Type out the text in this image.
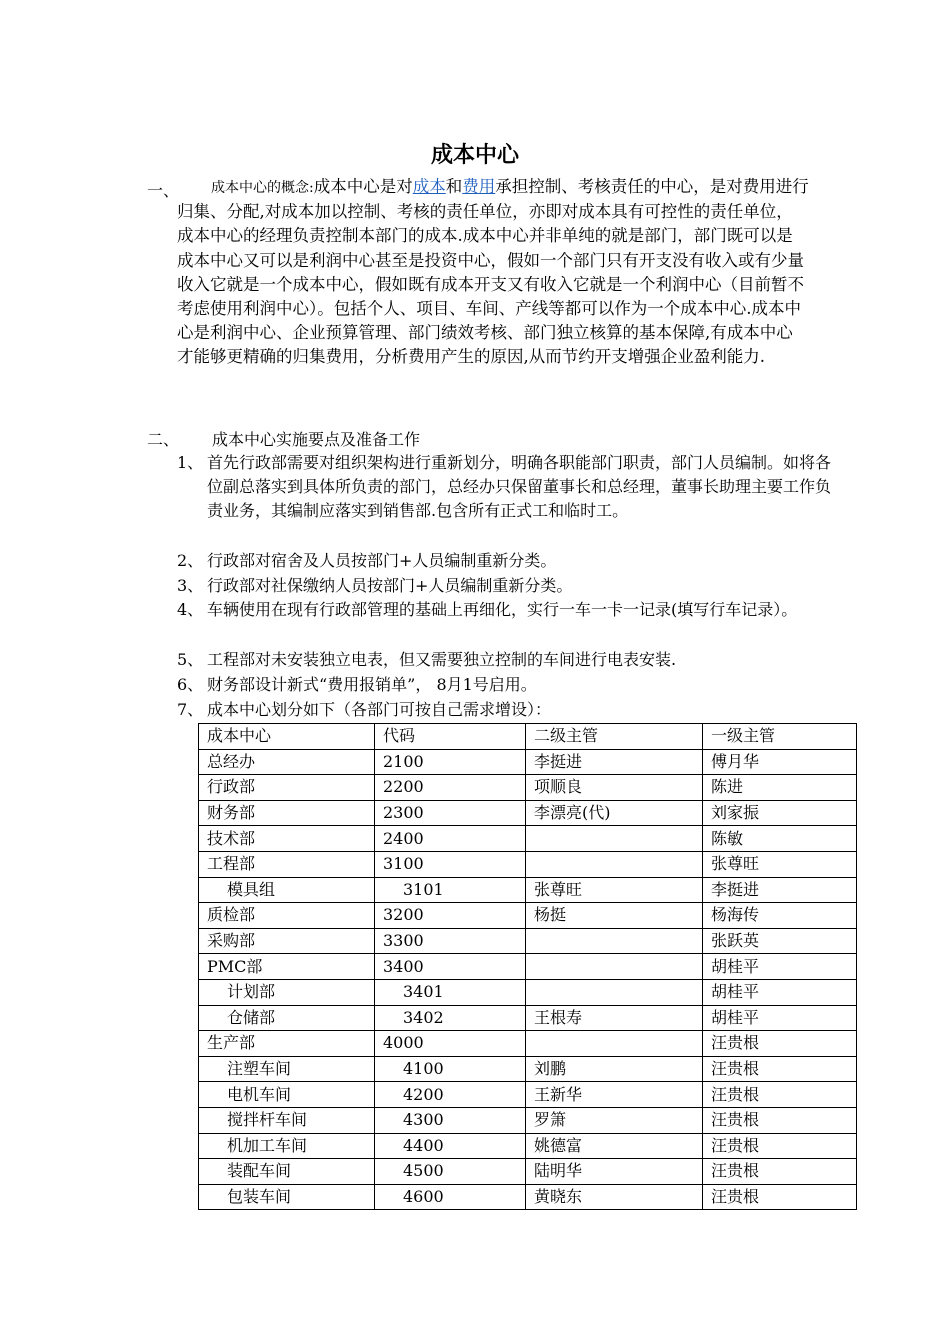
成本中心
一、	成本中心的概念:成本中心是对成本和费用承担控制、考核责任的中心，是对费用进行归集、分配,对成本加以控制、考核的责任单位，亦即对成本具有可控性的责任单位，成本中心的经理负责控制本部门的成本.成本中心并非单纯的就是部门，部门既可以是成本中心又可以是利润中心甚至是投资中心，假如一个部门只有开支没有收入或有少量收入它就是一个成本中心，假如既有成本开支又有收入它就是一个利润中心（目前暂不考虑使用利润中心）。包括个人、项目、车间、产线等都可以作为一个成本中心.成本中心是利润中心、企业预算管理、部门绩效考核、部门独立核算的基本保障,有成本中心才能够更精确的归集费用，分析费用产生的原因,从而节约开支增强企业盈利能力.
二、 成本中心实施要点及准备工作
1、 首先行政部需要对组织架构进行重新划分，明确各职能部门职责，部门人员编制。如将各位副总落实到具体所负责的部门，总经办只保留董事长和总经理，董事长助理主要工作负责业务，其编制应落实到销售部.包含所有正式工和临时工。
2、 行政部对宿舍及人员按部门+人员编制重新分类。
3、 行政部对社保缴纳人员按部门+人员编制重新分类。
4、 车辆使用在现有行政部管理的基础上再细化，实行一车一卡一记录(填写行车记录）。
5、 工程部对未安装独立电表，但又需要独立控制的车间进行电表安装.
6、 财务部设计新式“费用报销单”， 8月1号启用。
7、 成本中心划分如下（各部门可按自己需求增设）：
成本中心	代码	二级主管	一级主管
总经办	2100	李挺进	傅月华
行政部	2200	项顺良	陈进
财务部	2300	李漂亮(代)	刘家振
技术部	2400		陈敏
工程部	3100		张尊旺
模具组	3101	张尊旺	李挺进
质检部	3200	杨挺	杨海传
采购部	3300		张跃英
PMC部	3400		胡桂平
计划部	3401		胡桂平
仓储部	3402	王根寿	胡桂平
生产部	4000		汪贵根
注塑车间	4100	刘鹏	汪贵根
电机车间	4200	王新华	汪贵根
搅拌杆车间	4300	罗箫	汪贵根
机加工车间	4400	姚德富	汪贵根
装配车间	4500	陆明华	汪贵根
包装车间	4600	黄晓东	汪贵根
